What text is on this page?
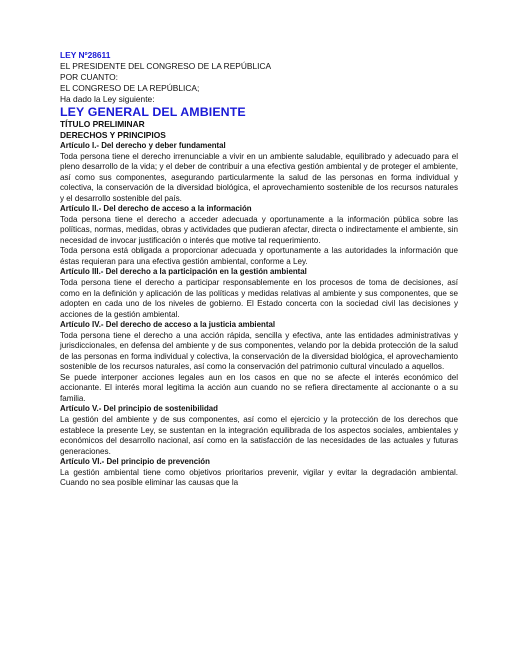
LEY Nº28611

EL PRESIDENTE DEL CONGRESO DE LA REPÚBLICA

POR CUANTO:

EL CONGRESO DE LA REPÚBLICA;

Ha dado la Ley siguiente:

LEY GENERAL DEL AMBIENTE

TÍTULO PRELIMINAR

DERECHOS Y PRINCIPIOS

Artículo I.- Del derecho y deber fundamental

Toda persona tiene el derecho irrenunciable a vivir en un ambiente saludable, equilibrado y adecuado para el pleno desarrollo de la vida; y el deber de contribuir a una efectiva gestión ambiental y de proteger el ambiente, así como sus componentes, asegurando particularmente la salud de las personas en forma individual y colectiva, la conservación de la diversidad biológica, el aprovechamiento sostenible de los recursos naturales y el desarrollo sostenible del país.

Artículo II.- Del derecho de acceso a la información

Toda persona tiene el derecho a acceder adecuada y oportunamente a la información pública sobre las políticas, normas, medidas, obras y actividades que pudieran afectar, directa o indirectamente el ambiente, sin necesidad de invocar justificación o interés que motive tal requerimiento.

Toda persona está obligada a proporcionar adecuada y oportunamente a las autoridades la información que éstas requieran para una efectiva gestión ambiental, conforme a Ley.

Artículo III.- Del derecho a la participación en la gestión ambiental

Toda persona tiene el derecho a participar responsablemente en los procesos de toma de decisiones, así como en la definición y aplicación de las políticas y medidas relativas al ambiente y sus componentes, que se adopten en cada uno de los niveles de gobierno. El Estado concerta con la sociedad civil las decisiones y acciones de la gestión ambiental.

Artículo IV.- Del derecho de acceso a la justicia ambiental

Toda persona tiene el derecho a una acción rápida, sencilla y efectiva, ante las entidades administrativas y jurisdiccionales, en defensa del ambiente y de sus componentes, velando por la debida protección de la salud de las personas en forma individual y colectiva, la conservación de la diversidad biológica, el aprovechamiento sostenible de los recursos naturales, así como la conservación del patrimonio cultural vinculado a aquellos.

Se puede interponer acciones legales aun en los casos en que no se afecte el interés económico del accionante. El interés moral legitima la acción aun cuando no se refiera directamente al accionante o a su familia.

Artículo V.- Del principio de sostenibilidad

La gestión del ambiente y de sus componentes, así como el ejercicio y la protección de los derechos que establece la presente Ley, se sustentan en la integración equilibrada de los aspectos sociales, ambientales y económicos del desarrollo nacional, así como en la satisfacción de las necesidades de las actuales y futuras generaciones.

Artículo VI.- Del principio de prevención

La gestión ambiental tiene como objetivos prioritarios prevenir, vigilar y evitar la degradación ambiental. Cuando no sea posible eliminar las causas que la
